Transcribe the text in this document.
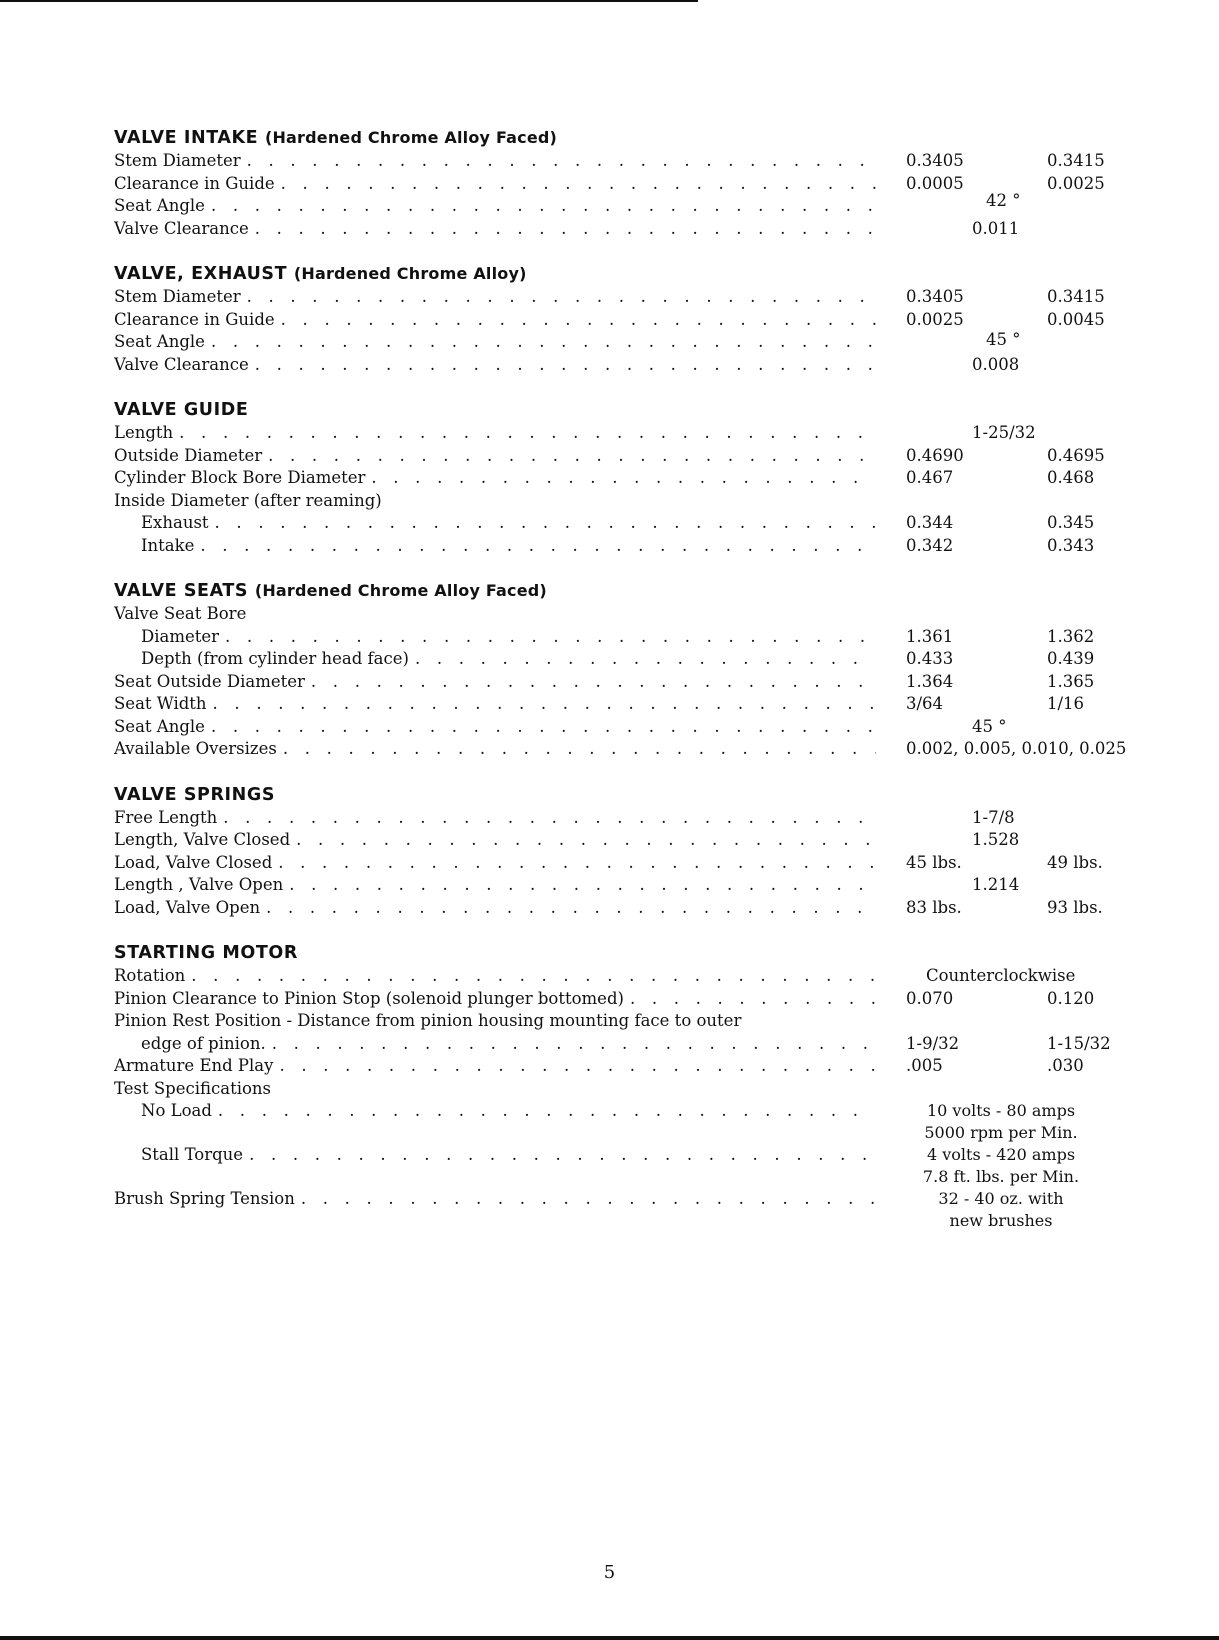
VALVE INTAKE (Hardened Chrome Alloy Faced)
Stem Diameter . . .	0.3405	0.3415
Clearance in Guide . . .	0.0005	0.0025
Seat Angle . . .	42 °
Valve Clearance . . .	0.011
VALVE, EXHAUST (Hardened Chrome Alloy)
Stem Diameter . . .	0.3405	0.3415
Clearance in Guide . . .	0.0025	0.0045
Seat Angle . . .	45 °
Valve Clearance . . .	0.008
VALVE GUIDE
Length . . .	1-25/32
Outside Diameter . . .	0.4690	0.4695
Cylinder Block Bore Diameter . . .	0.467	0.468
Inside Diameter (after reaming)
Exhaust . . .	0.344	0.345
Intake . . .	0.342	0.343
VALVE SEATS (Hardened Chrome Alloy Faced)
Valve Seat Bore
Diameter . . .	1.361	1.362
Depth (from cylinder head face) . . .	0.433	0.439
Seat Outside Diameter . . .	1.364	1.365
Seat Width . . .	3/64	1/16
Seat Angle . . .	45 °
Available Oversizes . . .	0.002, 0.005, 0.010, 0.025
VALVE SPRINGS
Free Length . . .	1-7/8
Length, Valve Closed . . .	1.528
Load, Valve Closed . . .	45 lbs.	49 lbs.
Length , Valve Open . . .	1.214
Load, Valve Open . . .	83 lbs.	93 lbs.
STARTING MOTOR
Rotation . . .	Counterclockwise
Pinion Clearance to Pinion Stop (solenoid plunger bottomed) . . .	0.070	0.120
Pinion Rest Position - Distance from pinion housing mounting face to outer
edge of pinion. . . .	1-9/32	1-15/32
Armature End Play . . .	.005	.030
Test Specifications
No Load . . .	10 volts - 80 amps
5000 rpm per Min.
Stall Torque . . .	4 volts - 420 amps
7.8 ft. lbs. per Min.
Brush Spring Tension . . .	32 - 40 oz. with
new brushes
5
